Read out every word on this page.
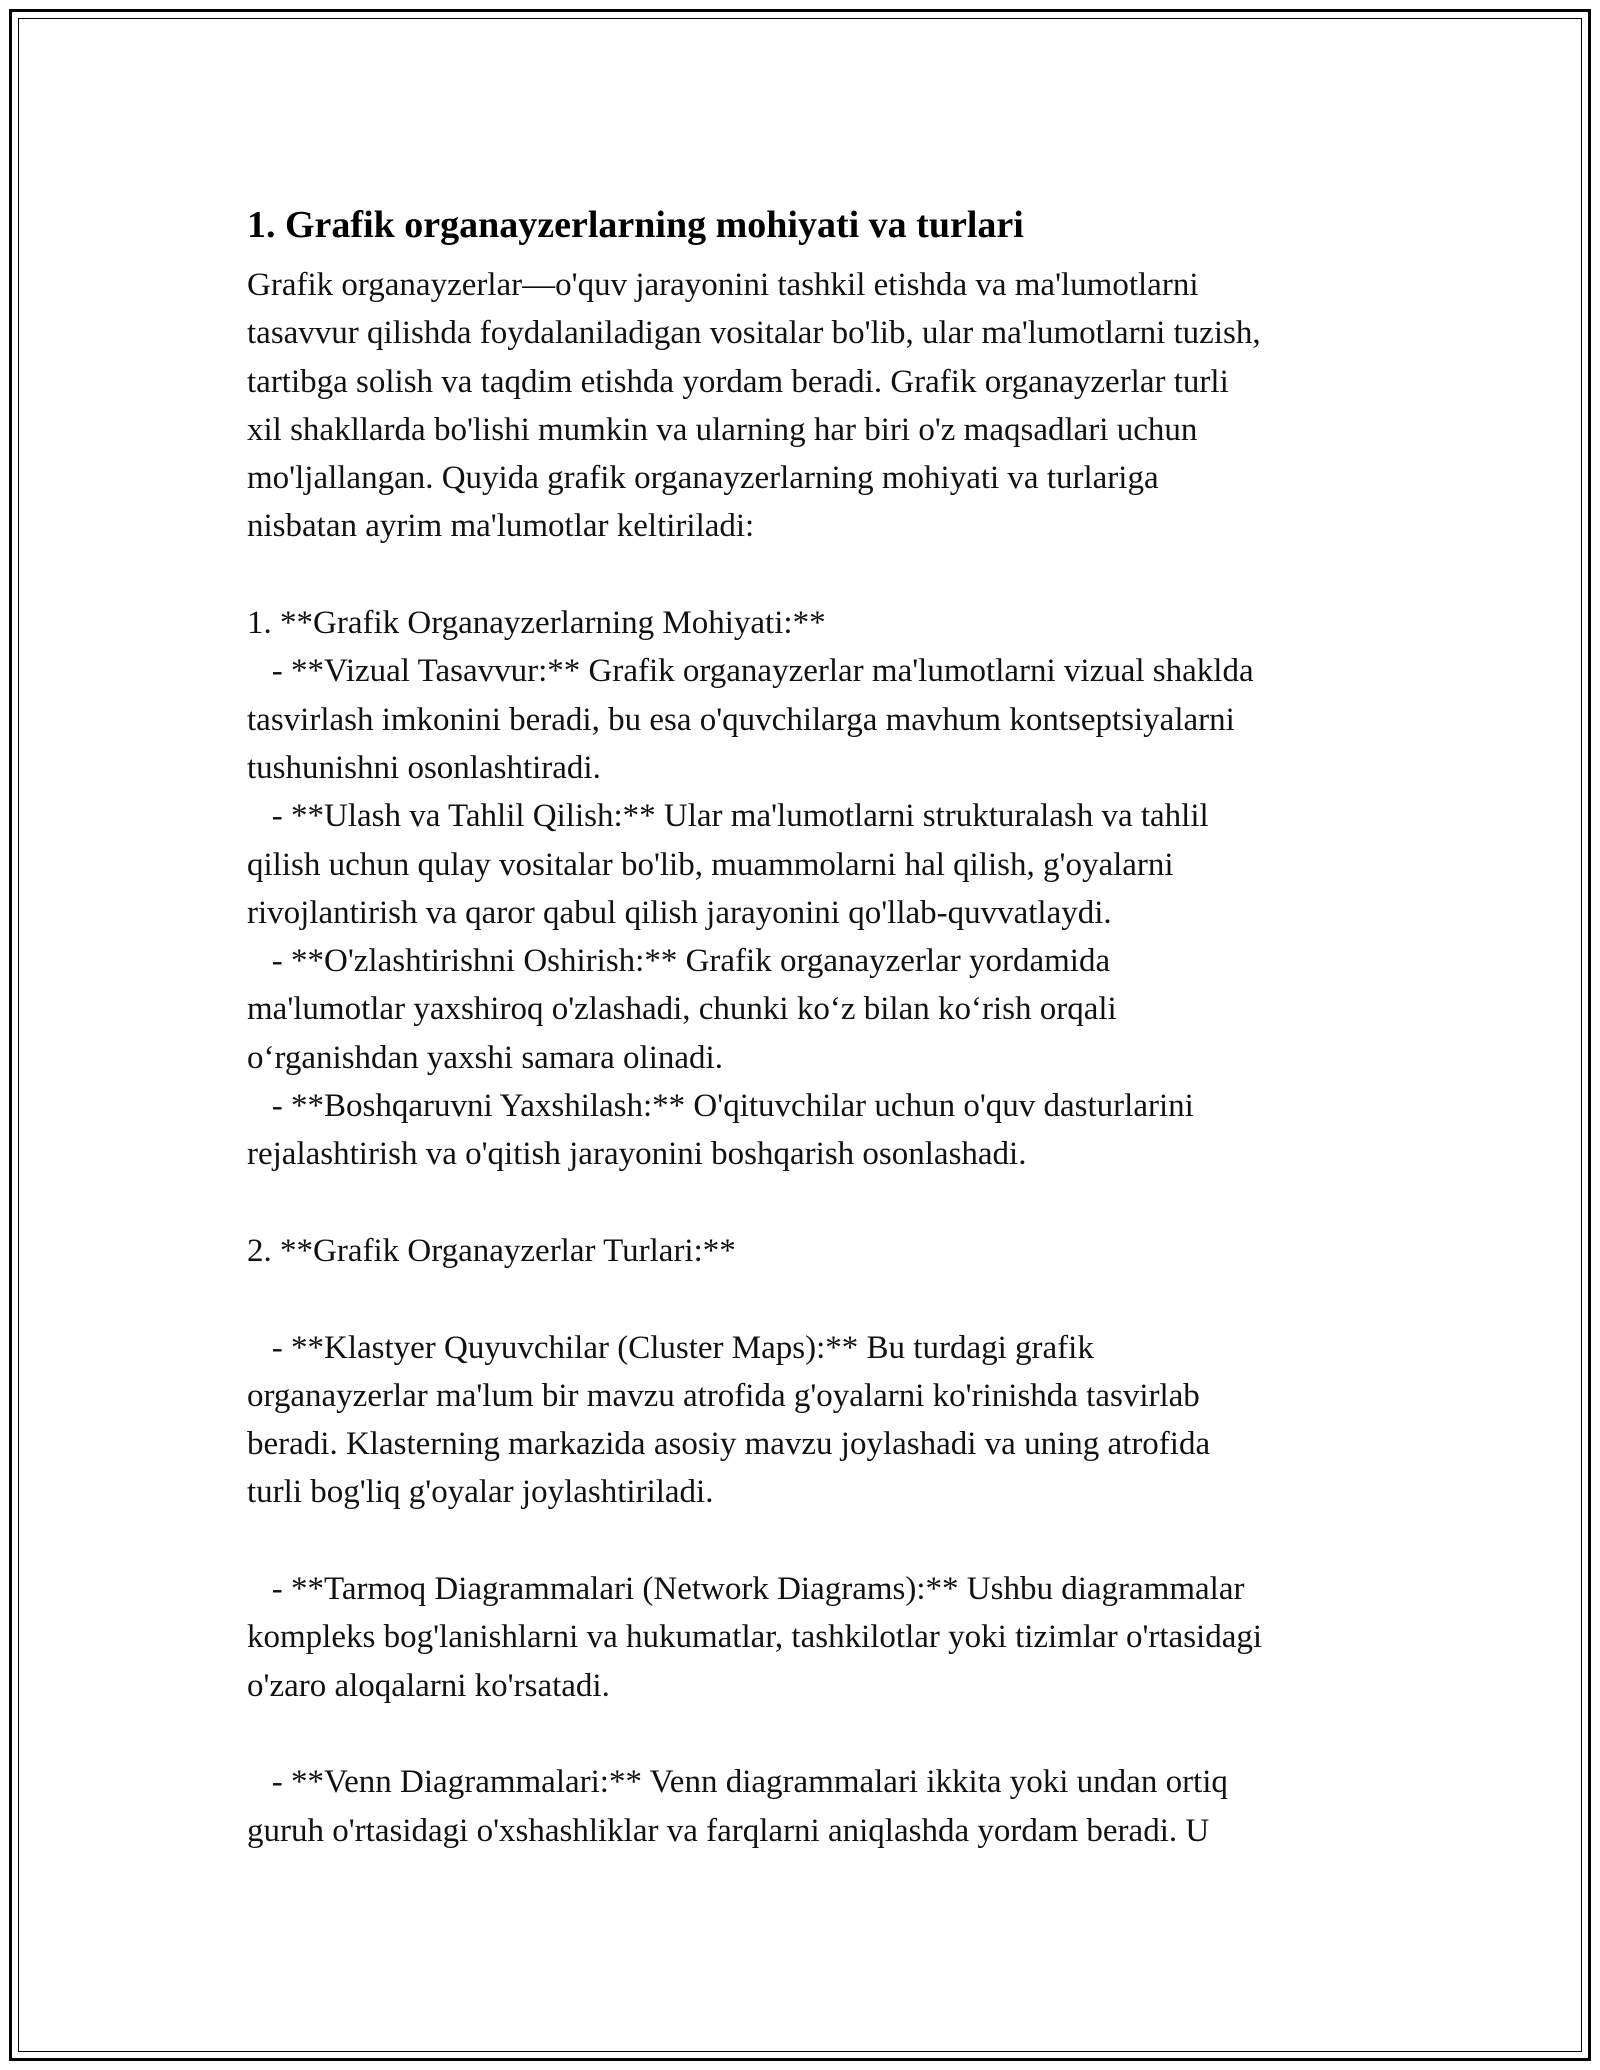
1. Grafik organayzerlarning mohiyati va turlari
Grafik organayzerlar—o'quv jarayonini tashkil etishda va ma'lumotlarni
tasavvur qilishda foydalaniladigan vositalar bo'lib, ular ma'lumotlarni tuzish,
tartibga solish va taqdim etishda yordam beradi. Grafik organayzerlar turli
xil shakllarda bo'lishi mumkin va ularning har biri o'z maqsadlari uchun
mo'ljallangan. Quyida grafik organayzerlarning mohiyati va turlariga
nisbatan ayrim ma'lumotlar keltiriladi:
1. **Grafik Organayzerlarning Mohiyati:**
- **Vizual Tasavvur:** Grafik organayzerlar ma'lumotlarni vizual shaklda
tasvirlash imkonini beradi, bu esa o'quvchilarga mavhum kontseptsiyalarni
tushunishni osonlashtiradi.
- **Ulash va Tahlil Qilish:** Ular ma'lumotlarni strukturalash va tahlil
qilish uchun qulay vositalar bo'lib, muammolarni hal qilish, g'oyalarni
rivojlantirish va qaror qabul qilish jarayonini qo'llab-quvvatlaydi.
- **O'zlashtirishni Oshirish:** Grafik organayzerlar yordamida
ma'lumotlar yaxshiroq o'zlashadi, chunki ko‘z bilan ko‘rish orqali
o‘rganishdan yaxshi samara olinadi.
- **Boshqaruvni Yaxshilash:** O'qituvchilar uchun o'quv dasturlarini
rejalashtirish va o'qitish jarayonini boshqarish osonlashadi.
2. **Grafik Organayzerlar Turlari:**
- **Klastyer Quyuvchilar (Cluster Maps):** Bu turdagi grafik
organayzerlar ma'lum bir mavzu atrofida g'oyalarni ko'rinishda tasvirlab
beradi. Klasterning markazida asosiy mavzu joylashadi va uning atrofida
turli bog'liq g'oyalar joylashtiriladi.
- **Tarmoq Diagrammalari (Network Diagrams):** Ushbu diagrammalar
kompleks bog'lanishlarni va hukumatlar, tashkilotlar yoki tizimlar o'rtasidagi
o'zaro aloqalarni ko'rsatadi.
- **Venn Diagrammalari:** Venn diagrammalari ikkita yoki undan ortiq
guruh o'rtasidagi o'xshashliklar va farqlarni aniqlashda yordam beradi. U
